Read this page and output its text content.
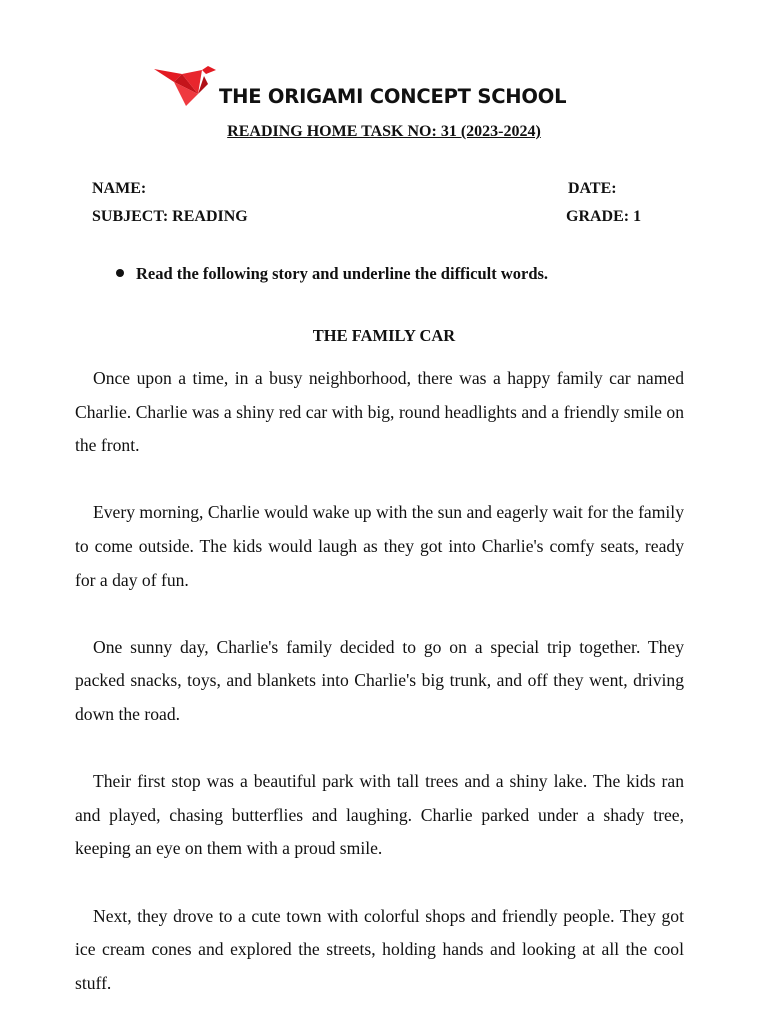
THE ORIGAMI CONCEPT SCHOOL
READING HOME TASK NO: 31 (2023-2024)
NAME:	DATE:
SUBJECT: READING	GRADE: 1
Read the following story and underline the difficult words.
THE FAMILY CAR

Once upon a time, in a busy neighborhood, there was a happy family car named Charlie. Charlie was a shiny red car with big, round headlights and a friendly smile on the front.

Every morning, Charlie would wake up with the sun and eagerly wait for the family to come outside. The kids would laugh as they got into Charlie's comfy seats, ready for a day of fun.

One sunny day, Charlie's family decided to go on a special trip together. They packed snacks, toys, and blankets into Charlie's big trunk, and off they went, driving down the road.

Their first stop was a beautiful park with tall trees and a shiny lake. The kids ran and played, chasing butterflies and laughing. Charlie parked under a shady tree, keeping an eye on them with a proud smile.

Next, they drove to a cute town with colorful shops and friendly people. They got ice cream cones and explored the streets, holding hands and looking at all the cool stuff.
